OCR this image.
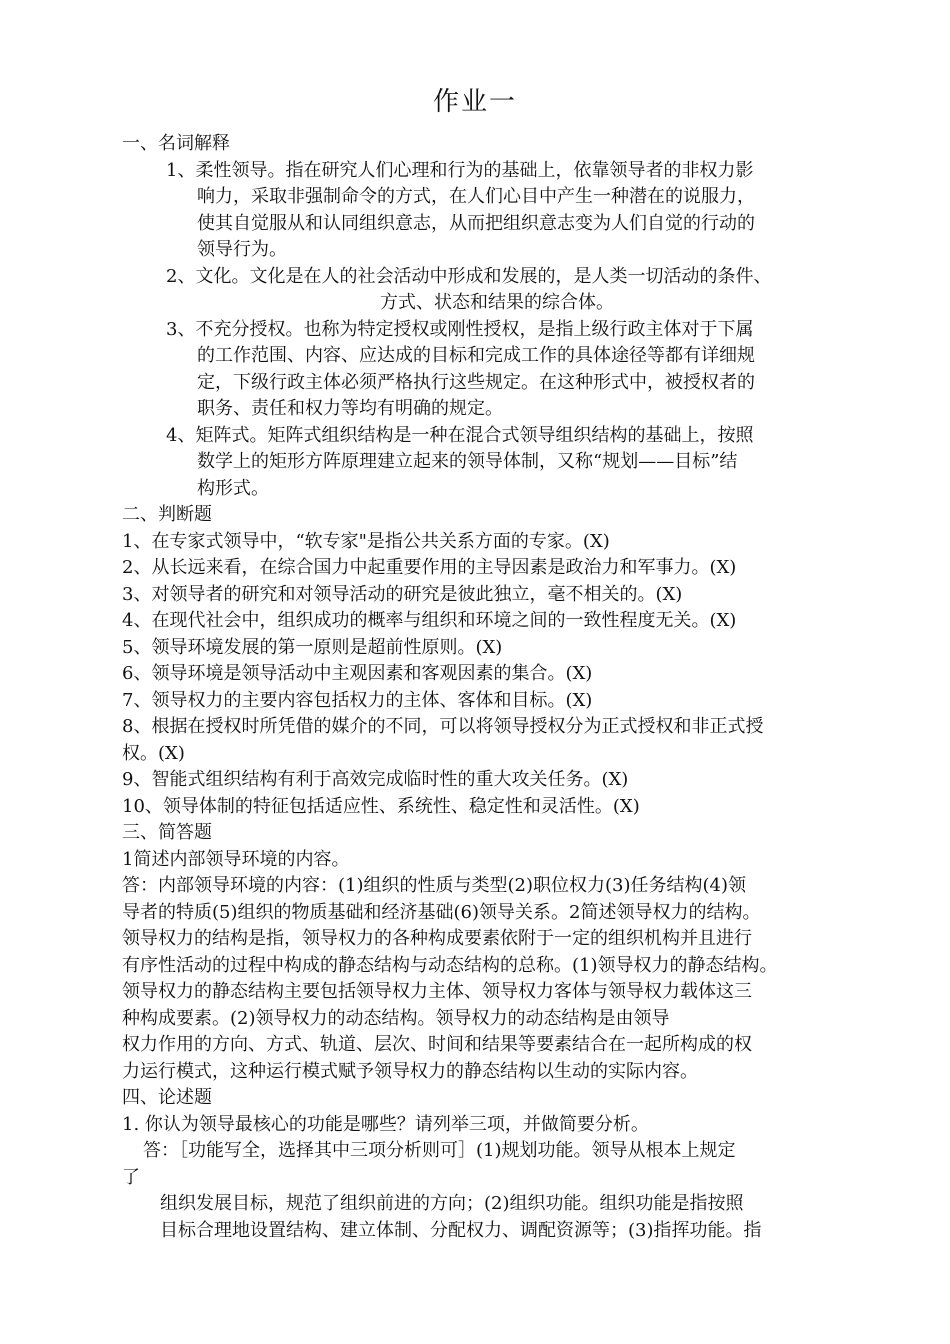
作业一
一、名词解释
1、柔性领导。指在研究人们心理和行为的基础上，依靠领导者的非权力影
响力，采取非强制命令的方式，在人们心目中产生一种潜在的说服力，
使其自觉服从和认同组织意志，从而把组织意志变为人们自觉的行动的
领导行为。
2、文化。文化是在人的社会活动中形成和发展的，是人类一切活动的条件、
方式、状态和结果的综合体。
3、不充分授权。也称为特定授权或刚性授权，是指上级行政主体对于下属
的工作范围、内容、应达成的目标和完成工作的具体途径等都有详细规
定，下级行政主体必须严格执行这些规定。在这种形式中，被授权者的
职务、责任和权力等均有明确的规定。
4、矩阵式。矩阵式组织结构是一种在混合式领导组织结构的基础上，按照
数学上的矩形方阵原理建立起来的领导体制，又称“规划——目标”结
构形式。
二、判断题
1、在专家式领导中，“软专家"是指公共关系方面的专家。(X)
2、从长远来看，在综合国力中起重要作用的主导因素是政治力和军事力。(X)
3、对领导者的研究和对领导活动的研究是彼此独立，毫不相关的。(X)
4、在现代社会中，组织成功的概率与组织和环境之间的一致性程度无关。(X)
5、领导环境发展的第一原则是超前性原则。(X)
6、领导环境是领导活动中主观因素和客观因素的集合。(X)
7、领导权力的主要内容包括权力的主体、客体和目标。(X)
8、根据在授权时所凭借的媒介的不同，可以将领导授权分为正式授权和非正式授
权。(X)
9、智能式组织结构有利于高效完成临时性的重大攻关任务。(X)
10、领导体制的特征包括适应性、系统性、稳定性和灵活性。(X)
三、简答题
1简述内部领导环境的内容。
答：内部领导环境的内容：(1)组织的性质与类型(2)职位权力(3)任务结构(4)领
导者的特质(5)组织的物质基础和经济基础(6)领导关系。2简述领导权力的结构。
领导权力的结构是指，领导权力的各种构成要素依附于一定的组织机构并且进行
有序性活动的过程中构成的静态结构与动态结构的总称。(1)领导权力的静态结构。
领导权力的静态结构主要包括领导权力主体、领导权力客体与领导权力载体这三
种构成要素。(2)领导权力的动态结构。领导权力的动态结构是由领导
权力作用的方向、方式、轨道、层次、时间和结果等要素结合在一起所构成的权
力运行模式，这种运行模式赋予领导权力的静态结构以生动的实际内容。
四、论述题
1. 你认为领导最核心的功能是哪些？请列举三项，并做简要分析。
答：［功能写全，选择其中三项分析则可］(1)规划功能。领导从根本上规定
了
组织发展目标，规范了组织前进的方向；(2)组织功能。组织功能是指按照
目标合理地设置结构、建立体制、分配权力、调配资源等；(3)指挥功能。指
